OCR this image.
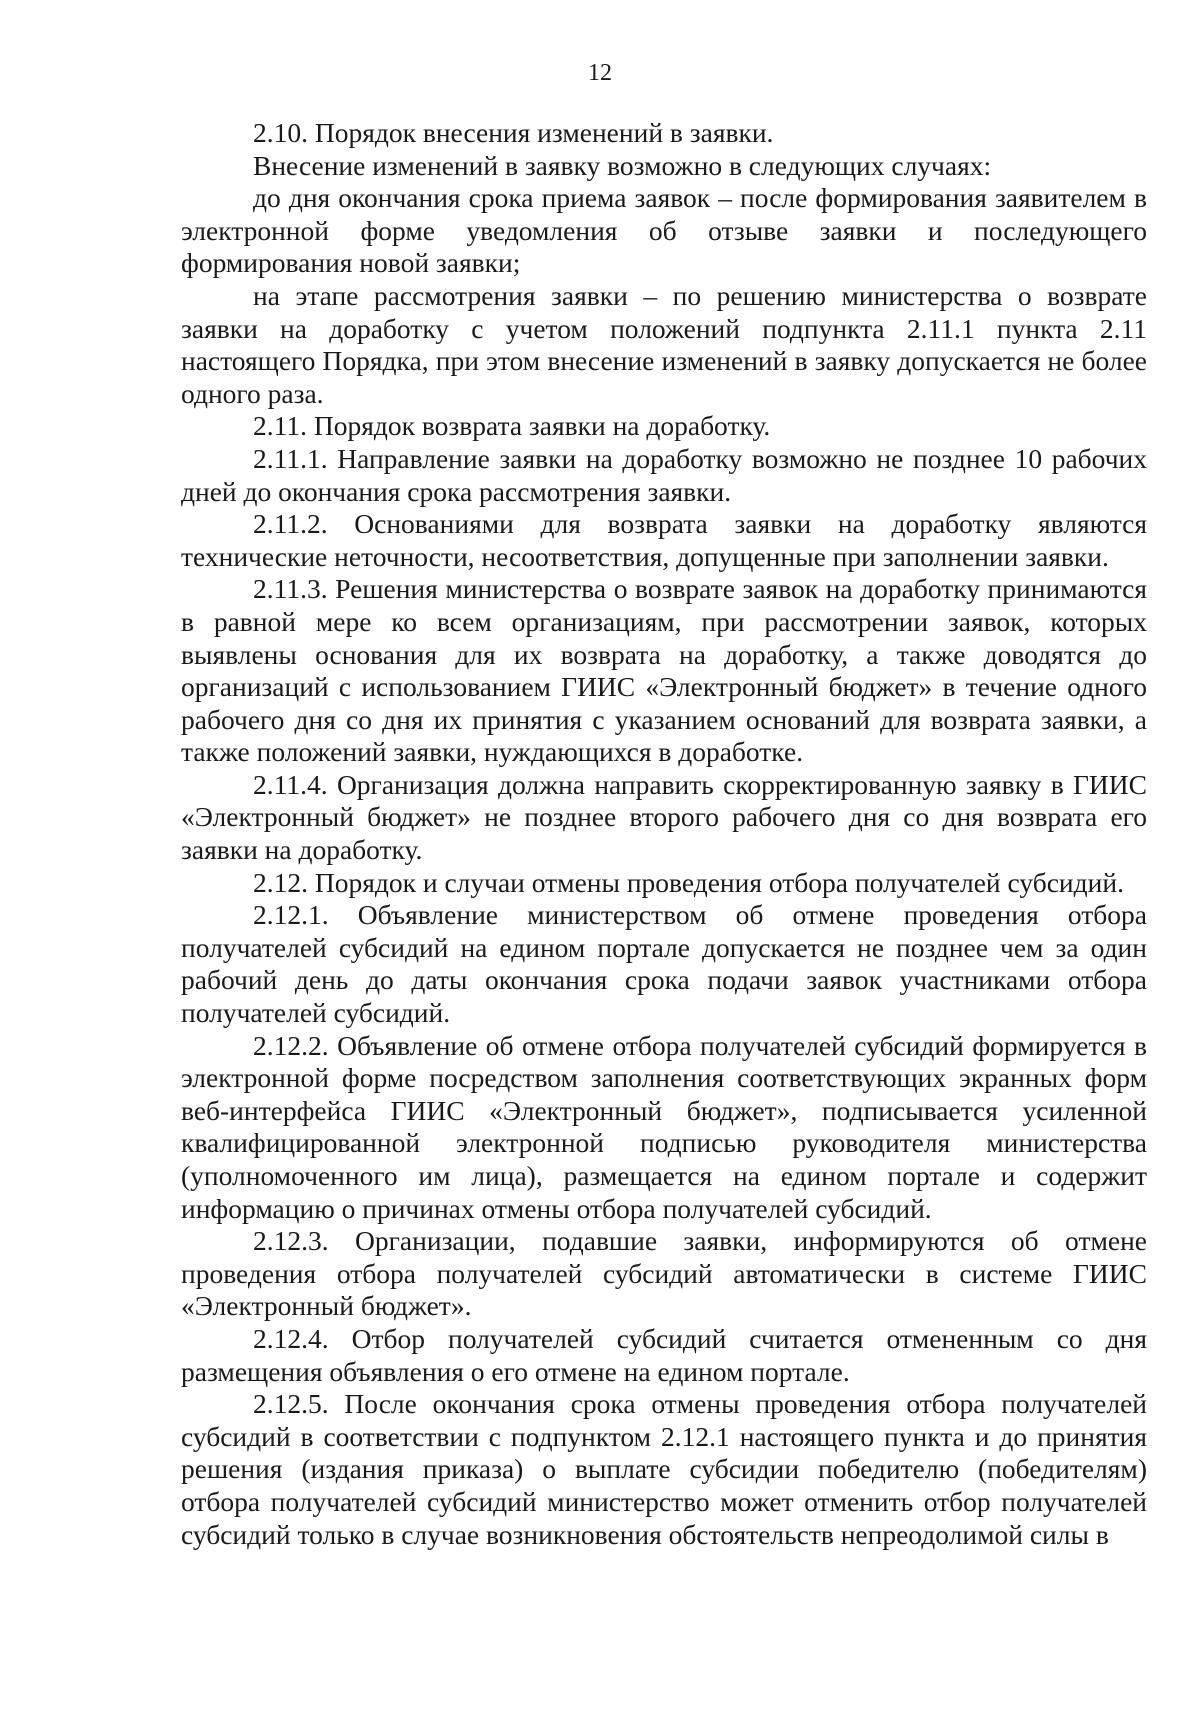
12

2.10. Порядок внесения изменений в заявки.

Внесение изменений в заявку возможно в следующих случаях:

до дня окончания срока приема заявок – после формирования заявителем в электронной форме уведомления об отзыве заявки и последующего формирования новой заявки;

на этапе рассмотрения заявки – по решению министерства о возврате заявки на доработку с учетом положений подпункта 2.11.1 пункта 2.11 настоящего Порядка, при этом внесение изменений в заявку допускается не более одного раза.

2.11. Порядок возврата заявки на доработку.

2.11.1. Направление заявки на доработку возможно не позднее 10 рабочих дней до окончания срока рассмотрения заявки.

2.11.2. Основаниями для возврата заявки на доработку являются технические неточности, несоответствия, допущенные при заполнении заявки.

2.11.3. Решения министерства о возврате заявок на доработку принимаются в равной мере ко всем организациям, при рассмотрении заявок, которых выявлены основания для их возврата на доработку, а также доводятся до организаций с использованием ГИИС «Электронный бюджет» в течение одного рабочего дня со дня их принятия с указанием оснований для возврата заявки, а также положений заявки, нуждающихся в доработке.

2.11.4. Организация должна направить скорректированную заявку в ГИИС «Электронный бюджет» не позднее второго рабочего дня со дня возврата его заявки на доработку.

2.12. Порядок и случаи отмены проведения отбора получателей субсидий.

2.12.1. Объявление министерством об отмене проведения отбора получателей субсидий на едином портале допускается не позднее чем за один рабочий день до даты окончания срока подачи заявок участниками отбора получателей субсидий.

2.12.2. Объявление об отмене отбора получателей субсидий формируется в электронной форме посредством заполнения соответствующих экранных форм веб-интерфейса ГИИС «Электронный бюджет», подписывается усиленной квалифицированной электронной подписью руководителя министерства (уполномоченного им лица), размещается на едином портале и содержит информацию о причинах отмены отбора получателей субсидий.

2.12.3. Организации, подавшие заявки, информируются об отмене проведения отбора получателей субсидий автоматически в системе ГИИС «Электронный бюджет».

2.12.4. Отбор получателей субсидий считается отмененным со дня размещения объявления о его отмене на едином портале.

2.12.5. После окончания срока отмены проведения отбора получателей субсидий в соответствии с подпунктом 2.12.1 настоящего пункта и до принятия решения (издания приказа) о выплате субсидии победителю (победителям) отбора получателей субсидий министерство может отменить отбор получателей субсидий только в случае возникновения обстоятельств непреодолимой силы в
